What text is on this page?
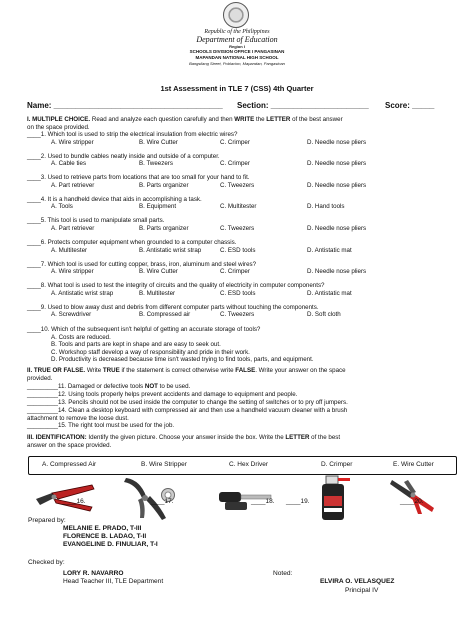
Republic of the Philippines
Department of Education
Region I
SCHOOLS DIVISION OFFICE I PANGASINAN
MAPANDAN NATIONAL HIGH SCHOOL
Bangsilang Street, Poblacion, Mapandan, Pangasinan
1st Assessment in TLE 7 (CSS) 4th Quarter
Name: ______________________________________ Section: ______________________ Score: _____
I. MULTIPLE CHOICE. Read and analyze each question carefully and then WRITE the LETTER of the best answer
on the space provided.
____1. Which tool is used to strip the electrical insulation from electric wires?
A. Wire stripper	B. Wire Cutter	C. Crimper	D. Needle nose pliers
____2. Used to bundle cables neatly inside and outside of a computer.
A. Cable ties	B. Tweezers	C. Crimper	D. Needle nose pliers
____3. Used to retrieve parts from locations that are too small for your hand to fit.
A. Part retriever	B. Parts organizer	C. Tweezers	D. Needle nose pliers
____4. It is a handheld device that aids in accomplishing a task.
A. Tools	B. Equipment	C. Multitester	D. Hand tools
____5. This tool is used to manipulate small parts.
A. Part retriever	B. Parts organizer	C. Tweezers	D. Needle nose pliers
____6. Protects computer equipment when grounded to a computer chassis.
A. Multitester	B. Antistatic wrist strap	C. ESD tools	D. Antistatic mat
____7. Which tool is used for cutting copper, brass, iron, aluminum and steel wires?
A. Wire stripper	B. Wire Cutter	C. Crimper	D. Needle nose pliers
____8. What tool is used to test the integrity of circuits and the quality of electricity in computer components?
A. Antistatic wrist strap	B. Multitester	C. ESD tools	D. Antistatic mat
____9. Used to blow away dust and debris from different computer parts without touching the components.
A. Screwdriver	B. Compressed air	C. Tweezers	D. Soft cloth
____10. Which of the subsequent isn't helpful of getting an accurate storage of tools?
A. Costs are reduced.
B. Tools and parts are kept in shape and are easy to seek out.
C. Workshop staff develop a way of responsibility and pride in their work.
D. Productivity is decreased because time isn't wasted trying to find tools, parts, and equipment.
II. TRUE OR FALSE. Write TRUE if the statement is correct otherwise write FALSE. Write your answer on the space
provided.
_________11. Damaged or defective tools NOT to be used.
_________12. Using tools properly helps prevent accidents and damage to equipment and people.
_________13. Pencils should not be used inside the computer to change the setting of switches or to pry off jumpers.
_________14. Clean a desktop keyboard with compressed air and then use a handheld vacuum cleaner with a brush
attachment to remove the loose dust.
_________15. The right tool must be used for the job.
III. IDENTIFICATION: Identify the given picture. Choose your answer inside the box. Write the LETTER of the best
answer on the space provided.
A. Compressed Air	B. Wire Stripper	C. Hex Driver	D. Crimper	E. Wire Cutter
____16.	____17.	____18. ____19.	____20.
Prepared by:
MELANIE E. PRADO, T-III
FLORENCE B. LADAO, T-II
EVANGELINE D. FINULIAR, T-I
Checked by:
LORY R. NAVARRO
Head Teacher III, TLE Department
Noted:
ELVIRA O. VELASQUEZ
Principal IV
